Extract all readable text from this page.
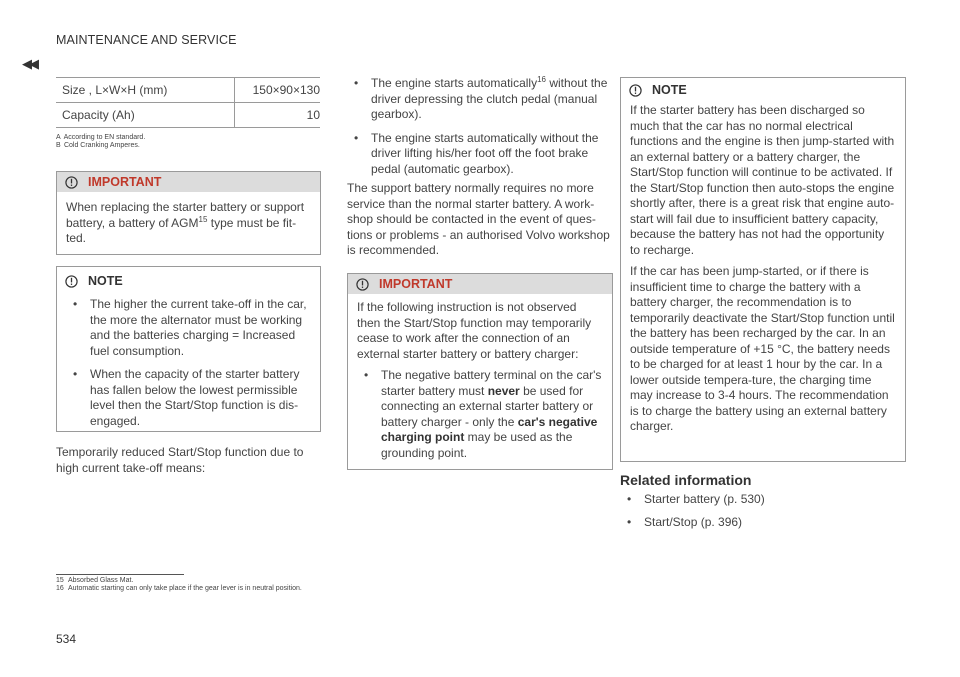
MAINTENANCE AND SERVICE
◀◀
Size , L×W×H (mm)	150×90×130
Capacity (Ah)	10
A According to EN standard.
B Cold Cranking Amperes.
IMPORTANT
When replacing the starter battery or support battery, a battery of AGM$^{15}$ type must be fit-ted.
NOTE
• The higher the current take-off in the car, the more the alternator must be working and the batteries charging = Increased fuel consumption.
• When the capacity of the starter battery has fallen below the lowest permissible level then the Start/Stop function is dis-engaged.
Temporarily reduced Start/Stop function due to high current take-off means:
• The engine starts automatically$^{16}$ without the driver depressing the clutch pedal (manual gearbox).
• The engine starts automatically without the driver lifting his/her foot off the foot brake pedal (automatic gearbox).
The support battery normally requires no more service than the normal starter battery. A work-shop should be contacted in the event of ques-tions or problems - an authorised Volvo workshop is recommended.
IMPORTANT

If the following instruction is not observed then the Start/Stop function may temporarily cease to work after the connection of an external starter battery or battery charger:

• The negative battery terminal on the car's starter battery must never be used for connecting an external starter battery or battery charger - only the car's negative charging point may be used as the grounding point.
NOTE

If the starter battery has been discharged so much that the car has no normal electrical functions and the engine is then jump-started with an external battery or a battery charger, the Start/Stop function will continue to be activated. If the Start/Stop function then auto-stops the engine shortly after, there is a great risk that engine auto-start will fail due to insufficient battery capacity, because the battery has not had the opportunity to recharge.

If the car has been jump-started, or if there is insufficient time to charge the battery with a battery charger, the recommendation is to temporarily deactivate the Start/Stop function until the battery has been recharged by the car. In an outside temperature of +15 °C, the battery needs to be charged for at least 1 hour by the car. In a lower outside tempera-ture, the charging time may increase to 3-4 hours. The recommendation is to charge the battery using an external battery charger.

Related information
• Starter battery (p. 530)
• Start/Stop (p. 396)
15 Absorbed Glass Mat.
16 Automatic starting can only take place if the gear lever is in neutral position.
534
